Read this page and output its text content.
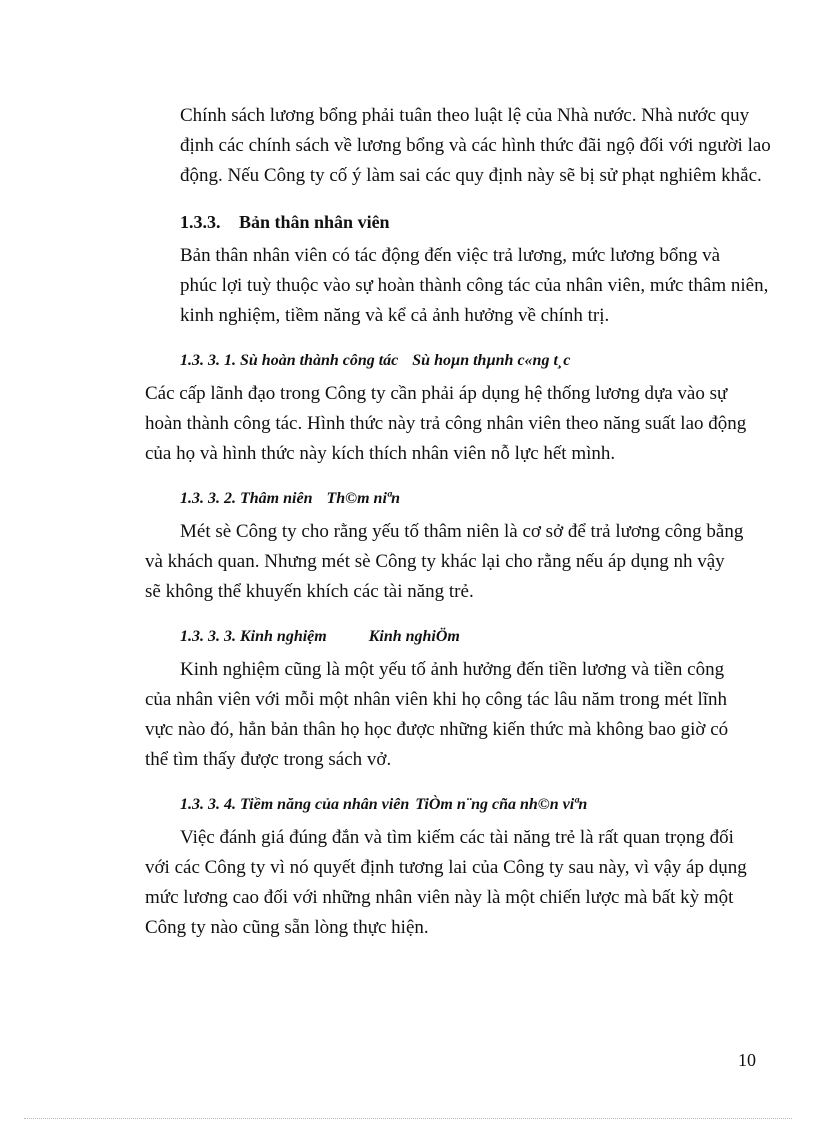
Chính sách lương bổng phải tuân theo luật lệ của Nhà nước. Nhà nước quy
định các chính sách về lương bổng và các hình thức đãi ngộ đối với người lao
động. Nếu Công ty cố ý làm sai các quy định này sẽ bị sử phạt nghiêm khắc.
1.3.3. Bản thân nhân viên
Bản thân nhân viên có tác động đến việc trả lương, mức lương bổng và
phúc lợi tuỳ thuộc vào sự hoàn thành công tác của nhân viên, mức thâm niên,
kinh nghiệm, tiềm năng và kể cả ảnh hưởng về chính trị.
1.3. 3. 1. Sù hoàn thành công tác Sù hoµn thµnh c«ng t¸c
Các cấp lãnh đạo trong Công ty cần phải áp dụng hệ thống lương dựa vào sự
hoàn thành công tác. Hình thức này trả công nhân viên theo năng suất lao động
của họ và hình thức này kích thích nhân viên nỗ lực hết mình.
1.3. 3. 2. Thâm niên Th©m niªn
Mét sè Công ty cho rằng yếu tố thâm niên là cơ sở để trả lương công bằng
và khách quan. Nhưng mét sè Công ty khác lại cho rằng nếu áp dụng nh vậy
sẽ không thể khuyến khích các tài năng trẻ.
1.3. 3. 3. Kinh nghiệm	Kinh nghiÖm
Kinh nghiệm cũng là một yếu tố ảnh hưởng đến tiền lương và tiền công
của nhân viên với mỗi một nhân viên khi họ công tác lâu năm trong mét lĩnh
vực nào đó, hẳn bản thân họ học được những kiến thức mà không bao giờ có
thể tìm thấy được trong sách vở.
1.3. 3. 4. Tiềm năng của nhân viên TiÒm n¨ng cña nh©n viªn
Việc đánh giá đúng đắn và tìm kiếm các tài năng trẻ là rất quan trọng đối
với các Công ty vì nó quyết định tương lai của Công ty sau này, vì vậy áp dụng
mức lương cao đối với những nhân viên này là một chiến lược mà bất kỳ một
Công ty nào cũng sẵn lòng thực hiện.
10
